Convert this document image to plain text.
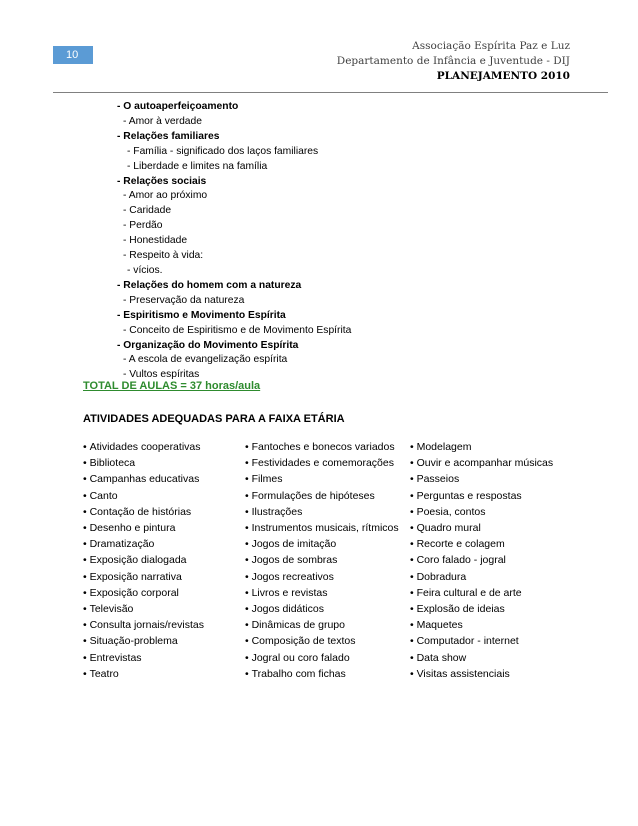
10
Associação Espírita Paz e Luz
Departamento de Infância e Juventude - DIJ
PLANEJAMENTO 2010
- O autoaperfeiçoamento
- Amor à verdade
- Relações familiares
- Família - significado dos laços familiares
- Liberdade e limites na família
- Relações sociais
- Amor ao próximo
- Caridade
- Perdão
- Honestidade
- Respeito à vida:
- vícios.
- Relações do homem com a natureza
- Preservação da natureza
- Espiritismo e Movimento Espírita
- Conceito de Espiritismo e de Movimento Espírita
- Organização do Movimento Espírita
- A escola de evangelização espírita
- Vultos espíritas
TOTAL DE AULAS = 37 horas/aula
ATIVIDADES ADEQUADAS PARA A FAIXA ETÁRIA
• Atividades cooperativas
• Biblioteca
• Campanhas educativas
• Canto
• Contação de histórias
• Desenho e pintura
• Dramatização
• Exposição dialogada
• Exposição narrativa
• Exposição corporal
• Televisão
• Consulta jornais/revistas
• Situação-problema
• Entrevistas
• Teatro
• Fantoches e bonecos variados
• Festividades e comemorações
• Filmes
• Formulações de hipóteses
• Ilustrações
• Instrumentos musicais, rítmicos
• Jogos de imitação
• Jogos de sombras
• Jogos recreativos
• Livros e revistas
• Jogos didáticos
• Dinâmicas de grupo
• Composição de textos
• Jogral ou coro falado
• Trabalho com fichas
• Modelagem
• Ouvir e acompanhar músicas
• Passeios
• Perguntas e respostas
• Poesia, contos
• Quadro mural
• Recorte e colagem
• Coro falado - jogral
• Dobradura
• Feira cultural e de arte
• Explosão de ideias
• Maquetes
• Computador - internet
• Data show
• Visitas assistenciais
